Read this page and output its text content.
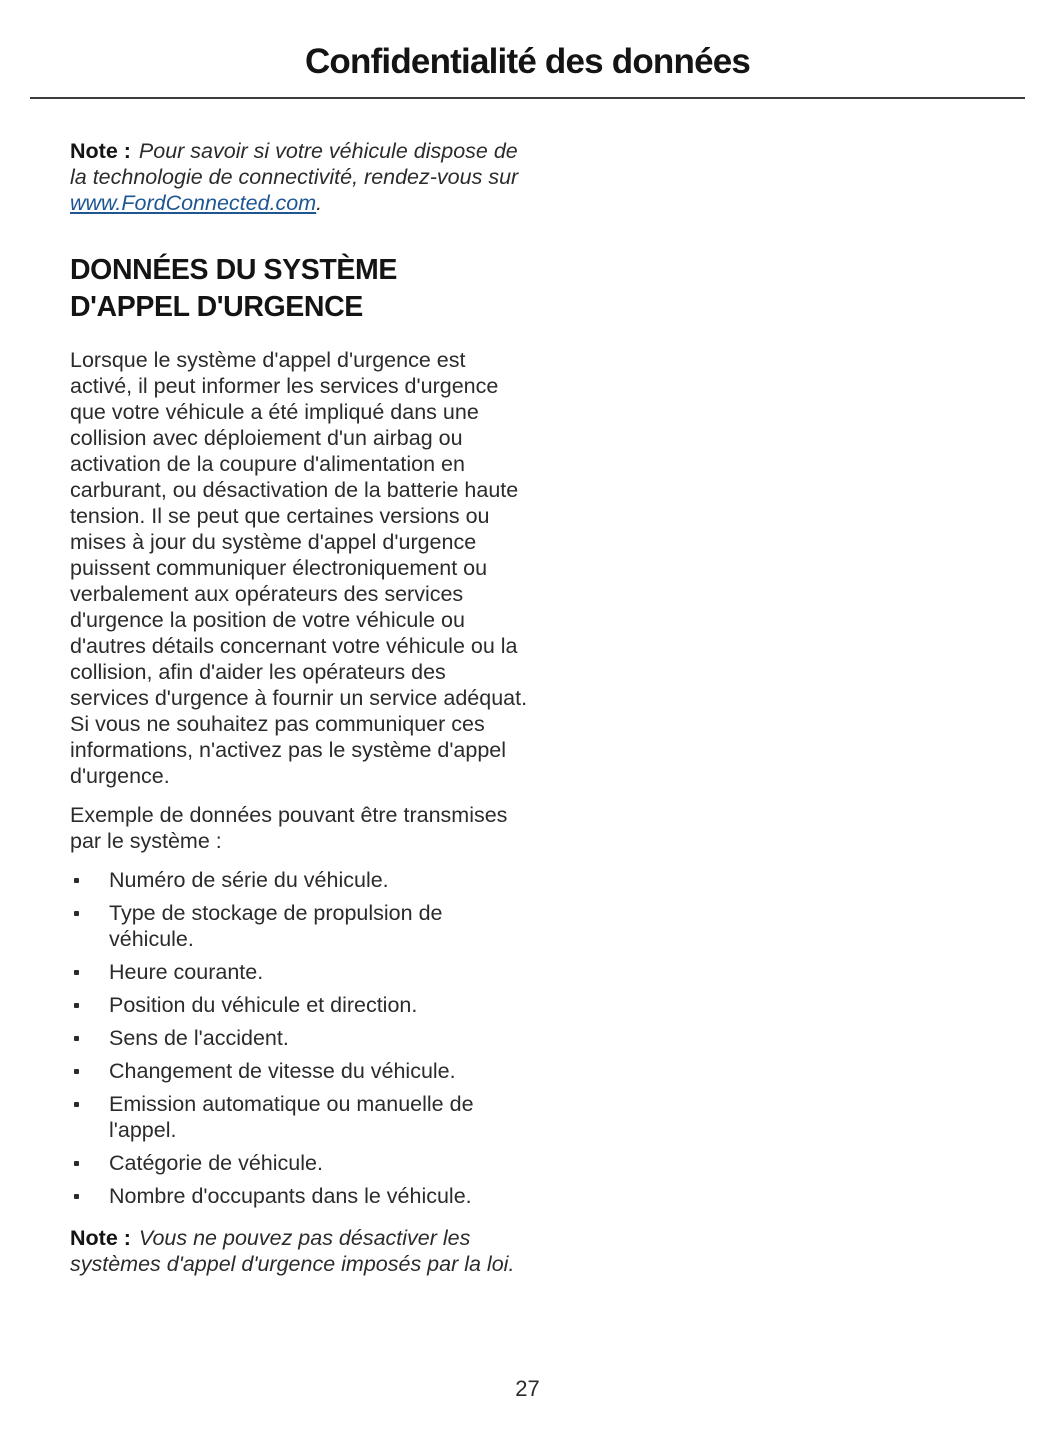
Confidentialité des données

Note : Pour savoir si votre véhicule dispose de la technologie de connectivité, rendez-vous sur www.FordConnected.com.

DONNÉES DU SYSTÈME
D'APPEL D'URGENCE

Lorsque le système d'appel d'urgence est activé, il peut informer les services d'urgence que votre véhicule a été impliqué dans une collision avec déploiement d'un airbag ou activation de la coupure d'alimentation en carburant, ou désactivation de la batterie haute tension. Il se peut que certaines versions ou mises à jour du système d'appel d'urgence puissent communiquer électroniquement ou verbalement aux opérateurs des services d'urgence la position de votre véhicule ou d'autres détails concernant votre véhicule ou la collision, afin d'aider les opérateurs des services d'urgence à fournir un service adéquat. Si vous ne souhaitez pas communiquer ces informations, n'activez pas le système d'appel d'urgence.

Exemple de données pouvant être transmises par le système :

Numéro de série du véhicule.
Type de stockage de propulsion de véhicule.
Heure courante.
Position du véhicule et direction.
Sens de l'accident.
Changement de vitesse du véhicule.
Emission automatique ou manuelle de l'appel.
Catégorie de véhicule.
Nombre d'occupants dans le véhicule.

Note : Vous ne pouvez pas désactiver les systèmes d'appel d'urgence imposés par la loi.

27
